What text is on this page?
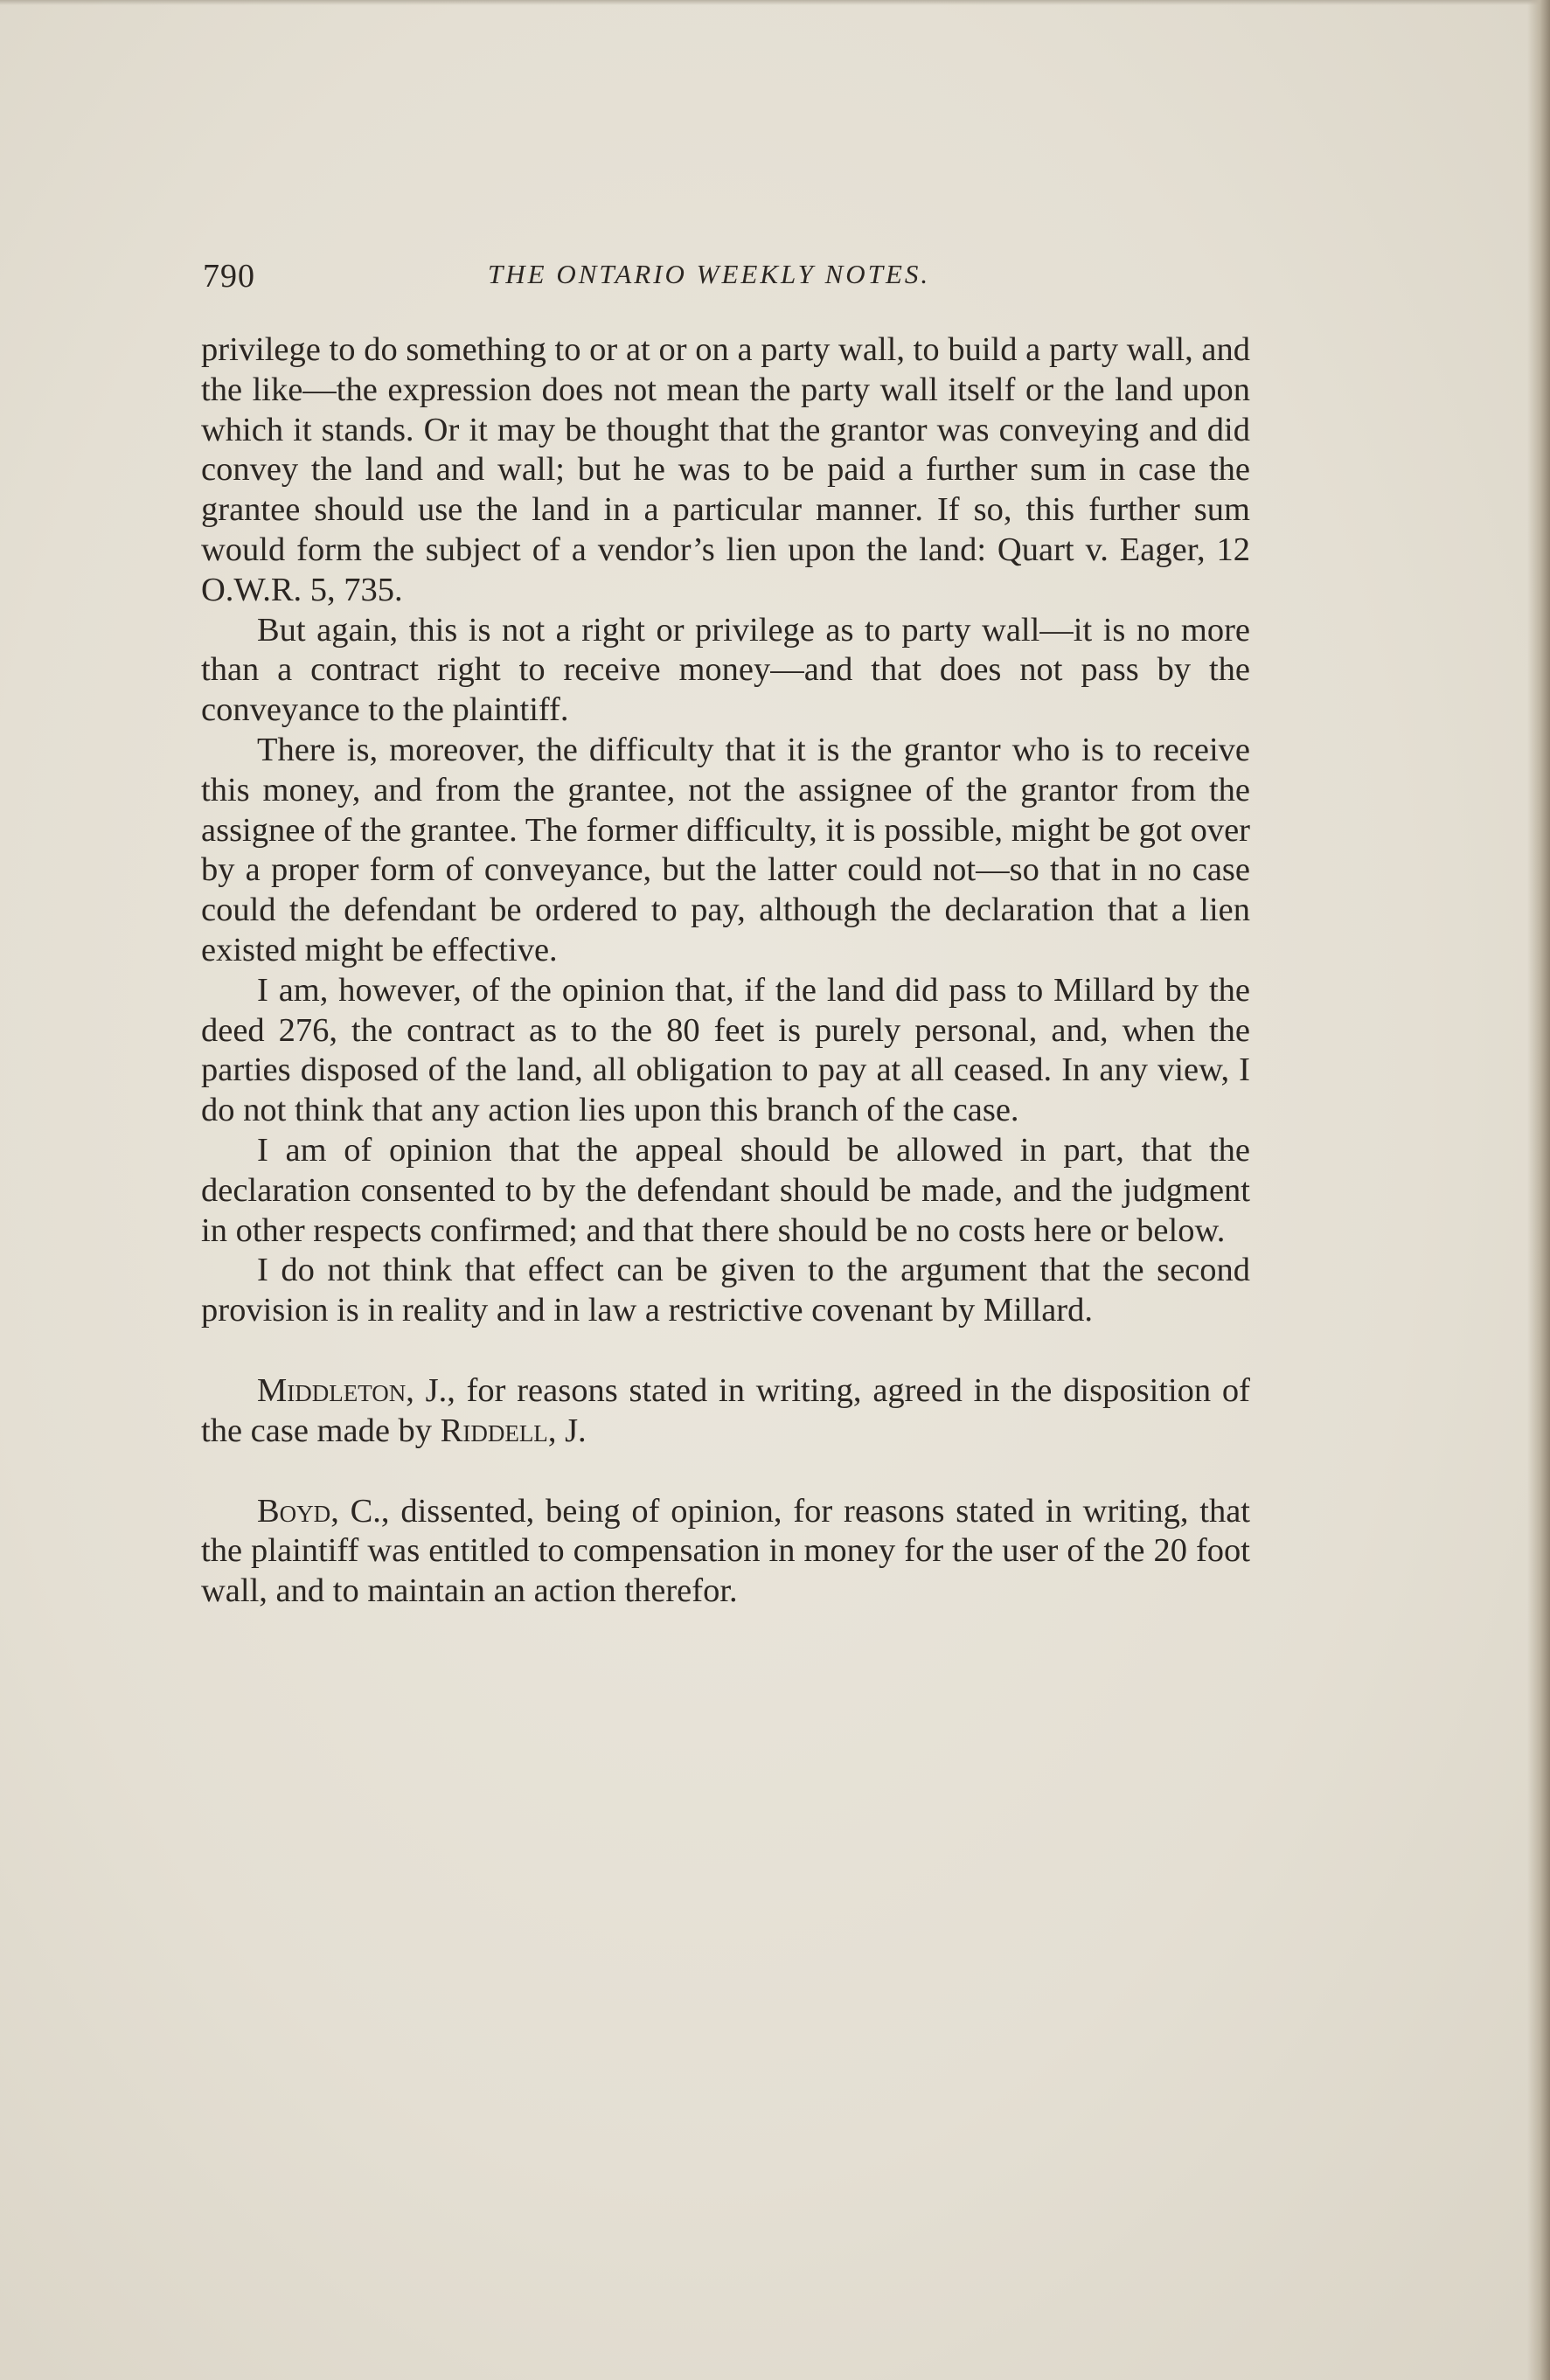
790	THE ONTARIO WEEKLY NOTES.

privilege to do something to or at or on a party wall, to build a party wall, and the like—the expression does not mean the party wall itself or the land upon which it stands. Or it may be thought that the grantor was conveying and did convey the land and wall; but he was to be paid a further sum in case the grantee should use the land in a particular manner. If so, this further sum would form the subject of a vendor’s lien upon the land: Quart v. Eager, 12 O.W.R. 5, 735.

But again, this is not a right or privilege as to party wall—it is no more than a contract right to receive money—and that does not pass by the conveyance to the plaintiff.

There is, moreover, the difficulty that it is the grantor who is to receive this money, and from the grantee, not the assignee of the grantor from the assignee of the grantee. The former difficulty, it is possible, might be got over by a proper form of conveyance, but the latter could not—so that in no case could the defendant be ordered to pay, although the declaration that a lien existed might be effective.

I am, however, of the opinion that, if the land did pass to Millard by the deed 276, the contract as to the 80 feet is purely personal, and, when the parties disposed of the land, all obligation to pay at all ceased. In any view, I do not think that any action lies upon this branch of the case.

I am of opinion that the appeal should be allowed in part, that the declaration consented to by the defendant should be made, and the judgment in other respects confirmed; and that there should be no costs here or below.

I do not think that effect can be given to the argument that the second provision is in reality and in law a restrictive covenant by Millard.

Middleton, J., for reasons stated in writing, agreed in the disposition of the case made by Riddell, J.

Boyd, C., dissented, being of opinion, for reasons stated in writing, that the plaintiff was entitled to compensation in money for the user of the 20 foot wall, and to maintain an action therefor.
